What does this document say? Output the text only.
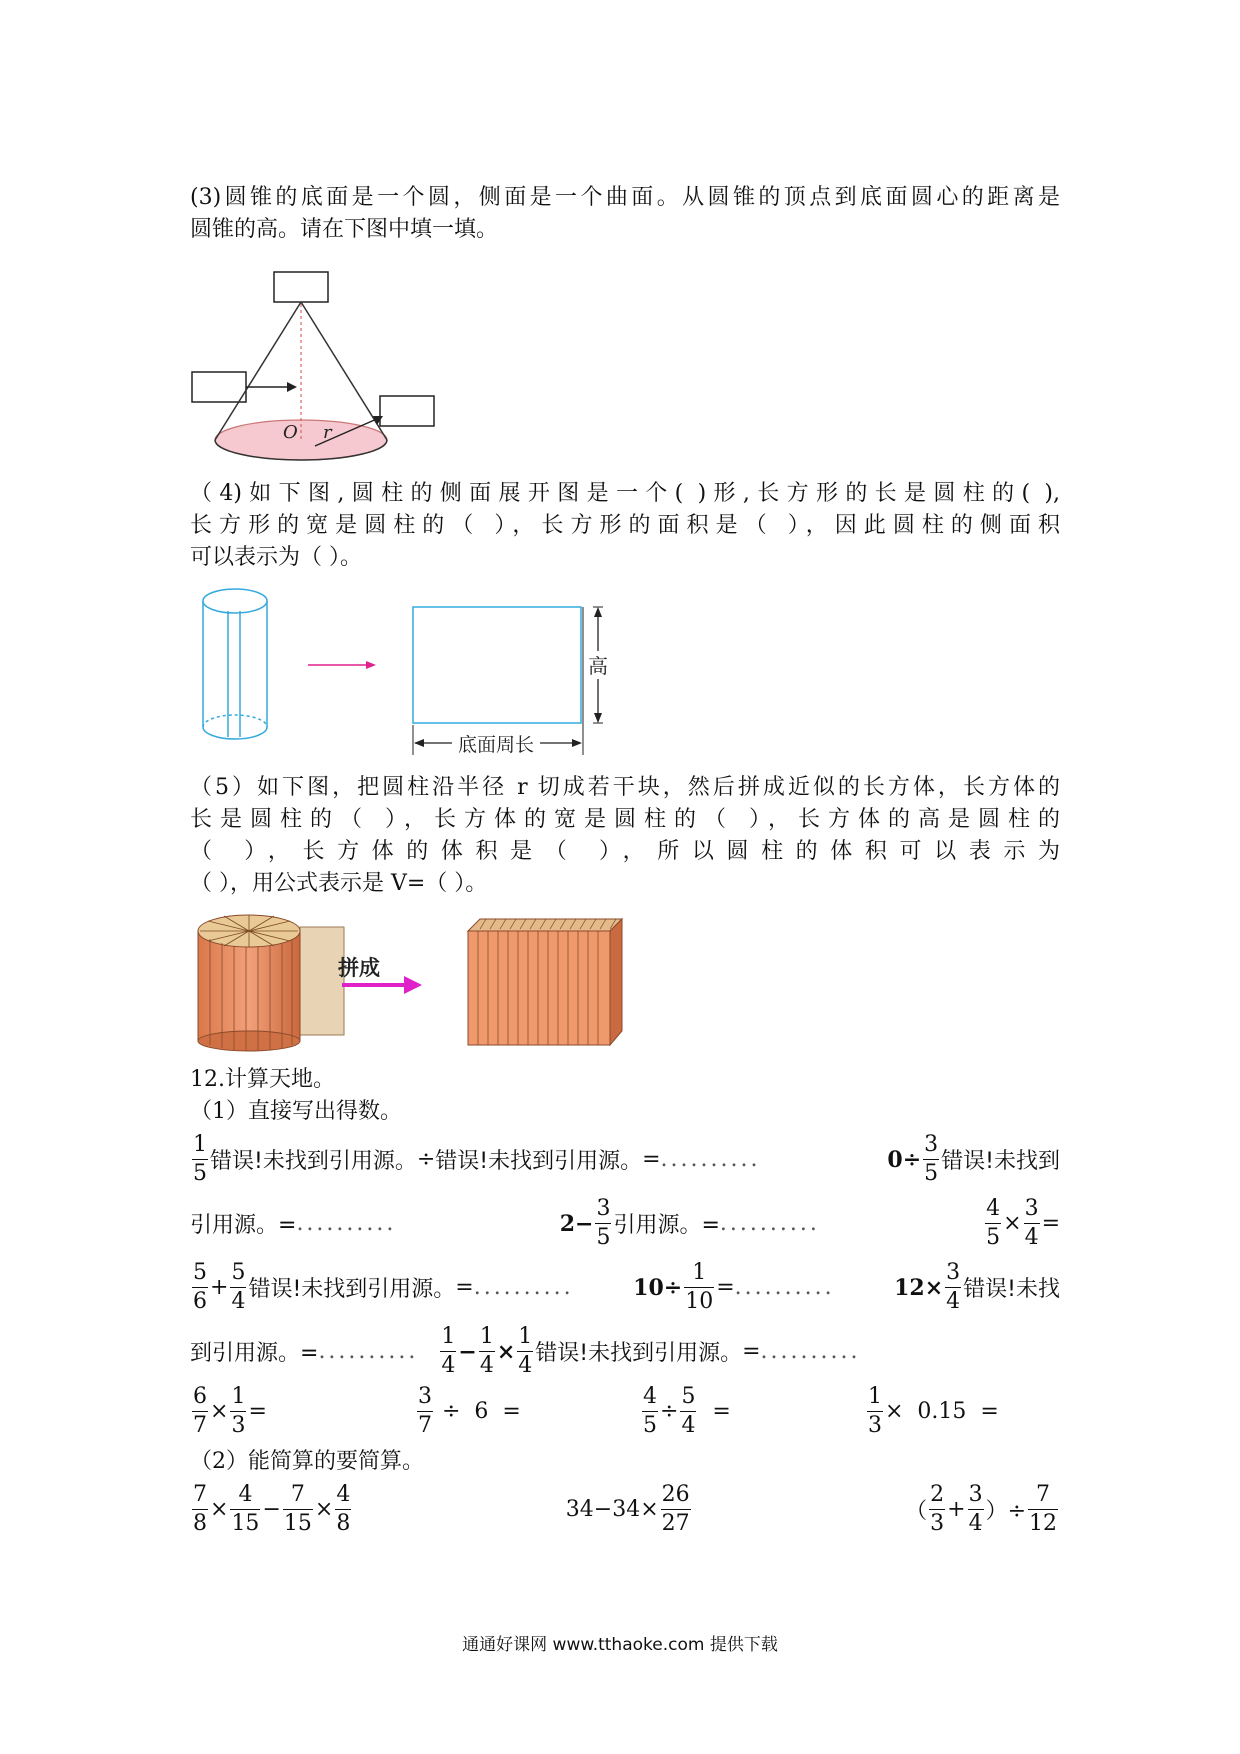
(3)圆锥的底面是一个圆，侧面是一个曲面。从圆锥的顶点到底面圆心的距离是
圆锥的高。请在下图中填一填。
O r
（4)如下图,圆柱的侧面展开图是一个( )形,长方形的长是圆柱的( ),
长方形的宽是圆柱的（ ），长方形的面积是（ ），因此圆柱的侧面积
可以表示为（ ）。
高
底面周长
（5）如下图，把圆柱沿半径 r 切成若干块，然后拼成近似的长方体，长方体的
长是圆柱的（ ），长方体的宽是圆柱的（ ），长方体的高是圆柱的
（ ），长方体的体积是（ ），所以圆柱的体积可以表示为
（ ），用公式表示是 V=（ ）。
拼成
12.计算天地。
（1）直接写出得数。
$\frac{1}{5}$ 错误!未找到引用源。 ÷ 错误!未找到引用源。 = ..........	$0\div \frac{3}{5}$ 错误!未找到
引用源。= ..........	$2- \frac{3}{5}$ 引用源。= ..........	$\frac{4}{5} \times \frac{3}{4}$ =
$\frac{5}{6} + \frac{5}{4}$ 错误!未找到引用源。 = ..........	$10\div \frac{1}{10}$ = ..........	$12\times \frac{3}{4}$ 错误!未找
到引用源。= .......... $\frac{1}{4} - \frac{1}{4} \times \frac{1}{4}$ 错误!未找到引用源。 = ..........
$\frac{6}{7} \times \frac{1}{3}$ =	$\frac{3}{7} \div 6$  =	$\frac{4}{5} \div \frac{5}{4}$ =	$\frac{1}{3} \times 0.15$  =
（2）能简算的要简算。
$\frac{7}{8} \times \frac{4}{15} - \frac{7}{15} \times \frac{4}{8}$	$34-34\times \frac{26}{27}$	（ $\frac{2}{3} + \frac{3}{4}$ ）÷ $\frac{7}{12}$
通通好课网 www.tthaoke.com 提供下载
